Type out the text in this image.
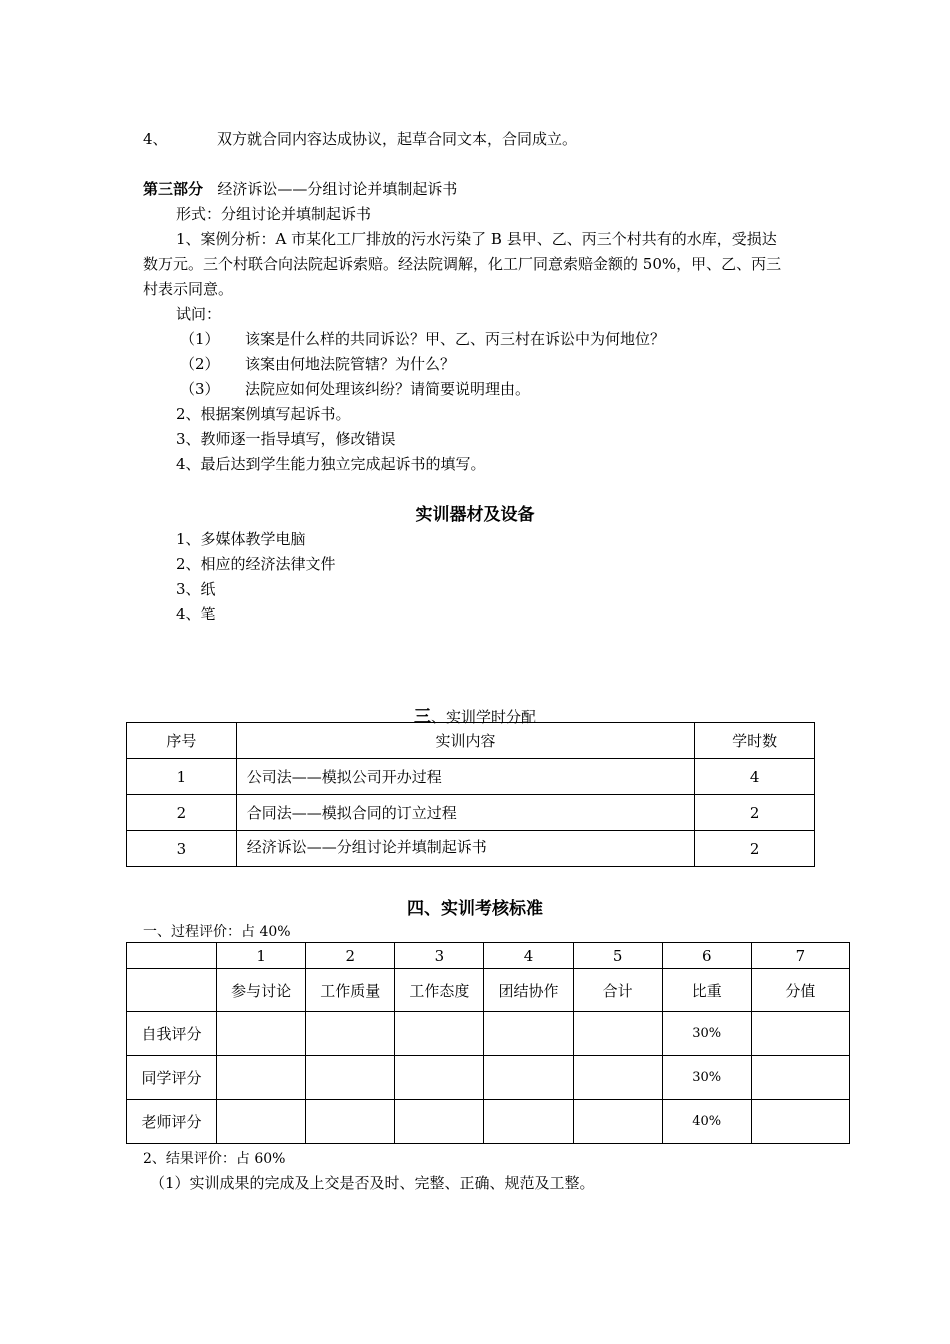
4、	双方就合同内容达成协议，起草合同文本，合同成立。
第三部分 经济诉讼——分组讨论并填制起诉书
形式：分组讨论并填制起诉书
1、案例分析：A 市某化工厂排放的污水污染了 B 县甲、乙、丙三个村共有的水库，受损达
数万元。三个村联合向法院起诉索赔。经法院调解，化工厂同意索赔金额的 50%，甲、乙、丙三
村表示同意。
试问：
（1） 该案是什么样的共同诉讼？甲、乙、丙三村在诉讼中为何地位？
（2） 该案由何地法院管辖？为什么？
（3） 法院应如何处理该纠纷？请简要说明理由。
2、根据案例填写起诉书。
3、教师逐一指导填写，修改错误
4、最后达到学生能力独立完成起诉书的填写。
实训器材及设备
1、多媒体教学电脑
2、相应的经济法律文件
3、纸
4、笔
三、实训学时分配
序号	实训内容	学时数
1	公司法——模拟公司开办过程	4
2	合同法——模拟合同的订立过程	2
3	经济诉讼——分组讨论并填制起诉书	2
四、实训考核标准
一、过程评价：占 40%
	1	2	3	4	5	6	7
	参与讨论	工作质量	工作态度	团结协作	合计	比重	分值
自我评分						30%	
同学评分						30%	
老师评分						40%	
2、结果评价：占 60%
（1）实训成果的完成及上交是否及时、完整、正确、规范及工整。
